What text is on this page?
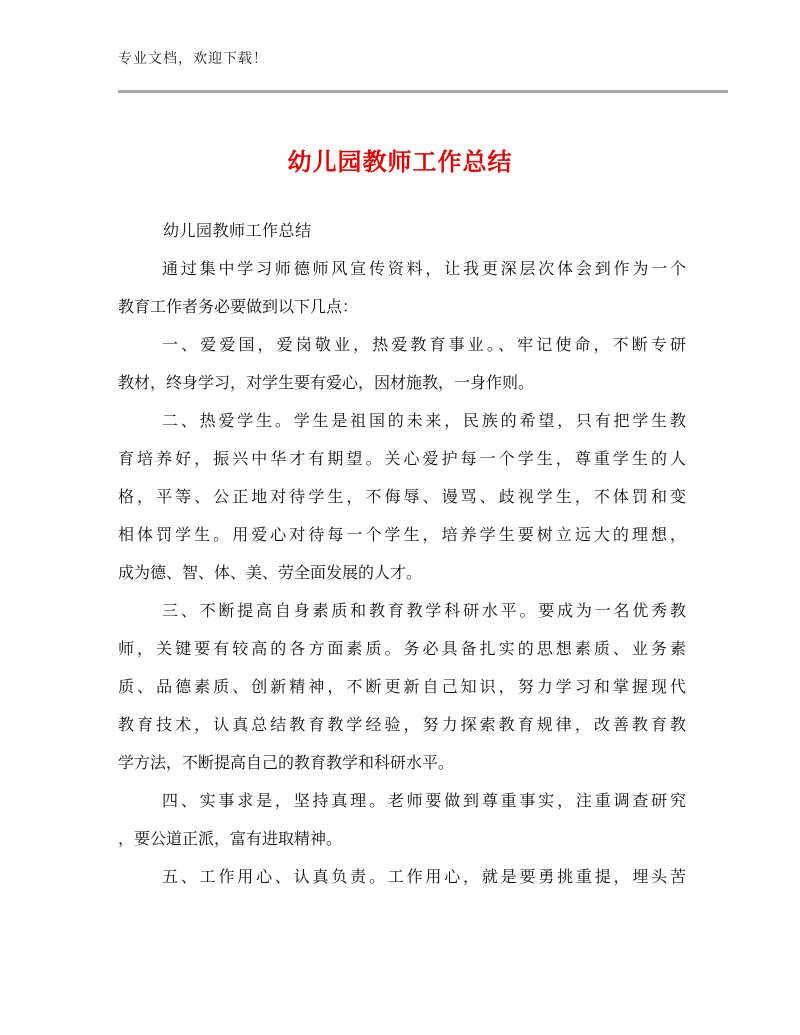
专业文档，欢迎下载！
幼儿园教师工作总结
幼儿园教师工作总结
通过集中学习师德师风宣传资料，让我更深层次体会到作为一个
教育工作者务必要做到以下几点：
一、爱爱国，爱岗敬业，热爱教育事业。、牢记使命，不断专研
教材，终身学习，对学生要有爱心，因材施教，一身作则。
二、热爱学生。学生是祖国的未来，民族的希望，只有把学生教
育培养好，振兴中华才有期望。关心爱护每一个学生，尊重学生的人
格，平等、公正地对待学生，不侮辱、谩骂、歧视学生，不体罚和变
相体罚学生。用爱心对待每一个学生，培养学生要树立远大的理想，
成为德、智、体、美、劳全面发展的人才。
三、不断提高自身素质和教育教学科研水平。要成为一名优秀教
师，关键要有较高的各方面素质。务必具备扎实的思想素质、业务素
质、品德素质、创新精神，不断更新自己知识，努力学习和掌握现代
教育技术，认真总结教育教学经验，努力探索教育规律，改善教育教
学方法，不断提高自己的教育教学和科研水平。
四、实事求是，坚持真理。老师要做到尊重事实，注重调查研究
，要公道正派，富有进取精神。
五、工作用心、认真负责。工作用心，就是要勇挑重提，埋头苦
